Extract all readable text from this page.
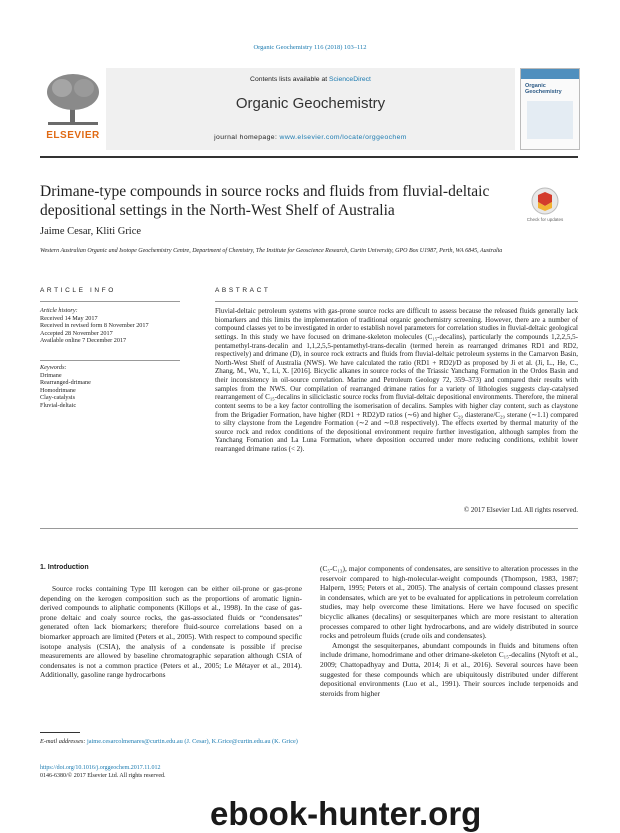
Organic Geochemistry 116 (2018) 103–112
ELSEVIER
Contents lists available at ScienceDirect
Organic Geochemistry
journal homepage: www.elsevier.com/locate/orggeochem
Organic Geochemistry
Drimane-type compounds in source rocks and fluids from fluvial-deltaic depositional settings in the North-West Shelf of Australia
Check for updates
Jaime Cesar, Kliti Grice
Western Australian Organic and Isotope Geochemistry Centre, Department of Chemistry, The Institute for Geoscience Research, Curtin University, GPO Box U1987, Perth, WA 6845, Australia
ARTICLE INFO	ABSTRACT
Article history:
Received 14 May 2017
Received in revised form 8 November 2017
Accepted 28 November 2017
Available online 7 December 2017
Keywords:
Drimane
Rearranged-drimane
Homodrimane
Clay-catalysis
Fluvial-deltaic
Fluvial-deltaic petroleum systems with gas-prone source rocks are difficult to assess because the released fluids generally lack biomarkers and this limits the implementation of traditional organic geochemistry screening. However, there are a number of compound classes yet to be investigated in order to establish novel parameters for correlation studies in fluvial-deltaic geological settings. In this study we have focused on drimane-skeleton molecules (C₁₅-decalins), particularly the compounds 1,2,2,5,5-pentamethyl-trans-decalin and 1,1,2,5,5-pentamethyl-trans-decalin (termed herein as rearranged drimanes RD1 and RD2, respectively) and drimane (D), in source rock extracts and fluids from fluvial-deltaic petroleum systems in the Carnarvon Basin, North-West Shelf of Australia (NWS). We have calculated the ratio (RD1 + RD2)/D as proposed by Ji et al. (Ji, L., He, C., Zhang, M., Wu, Y., Li, X. [2016]. Bicyclic alkanes in source rocks of the Triassic Yanchang Formation in the Ordos Basin and their inconsistency in oil-source correlation. Marine and Petroleum Geology 72, 359–373) and compared their results with samples from the NWS. Our compilation of rearranged drimane ratios for a variety of lithologies suggests clay-catalysed rearrangement of C₁₅-decalins in siliciclastic source rocks from fluvial-deltaic depositional environments. Therefore, the mineral content seems to be a key factor controlling the isomerisation of decalins. Samples with higher clay content, such as claystone from the Brigadier Formation, have higher (RD1 + RD2)/D ratios (∼6) and higher C₂₉ diasterane/C₂₉ sterane (∼1.1) compared to silty claystone from the Legendre Formation (∼2 and ∼0.8 respectively). The effects exerted by thermal maturity of the source rock and redox conditions of the depositional environment require further investigation, although samples from the Yanchang Fomation and La Luna Formation, where deposition occurred under more reducing conditions, exhibit lower rearranged drimane ratios (< 2).
© 2017 Elsevier Ltd. All rights reserved.
1. Introduction
Source rocks containing Type III kerogen can be either oil-prone or gas-prone depending on the kerogen composition such as the proportions of aromatic lignin-derived compounds to aliphatic components (Killops et al., 1998). In the case of gas-prone deltaic and coaly source rocks, the gas-associated fluids or “condensates” generated often lack biomarkers; therefore fluid-source correlations based on a biomarker approach are limited (Peters et al., 2005). With respect to compound specific isotope analysis (CSIA), the analysis of a condensate is possible if precise measurements are allowed by baseline chromatographic separation although CSIA of condensates is not a common practice (Peters et al., 2005; Le Métayer et al., 2014). Additionally, gasoline range hydrocarbons
(C₅-C₁₃), major components of condensates, are sensitive to alteration processes in the reservoir compared to high-molecular-weight compounds (Thompson, 1983, 1987; Halpern, 1995; Peters et al., 2005). The analysis of certain compound classes present in condensates, which are yet to be evaluated for applications in petroleum correlation studies, may help overcome these limitations. Here we have focused on specific bicyclic alkanes (decalins) or sesquiterpanes which are more resistant to alteration processes compared to other light hydrocarbons, and are widely distributed in source rocks and petroleum fluids (crude oils and condensates).
Amongst the sesquiterpanes, abundant compounds in fluids and bitumens often include drimane, homodrimane and other drimane-skeleton C₁₅-decalins (Nytoft et al., 2009; Chattopadhyay and Dutta, 2014; Ji et al., 2016). Several sources have been suggested for these compounds which are ubiquitously distributed under different depositional environments (Luo et al., 1991). Their sources include terpenoids and steroids from higher
E-mail addresses: jaime.cesarcolmenares@curtin.edu.au (J. Cesar), K.Grice@curtin.edu.au (K. Grice)
https://doi.org/10.1016/j.orggeochem.2017.11.012
0146-6380/© 2017 Elsevier Ltd. All rights reserved.
ebook-hunter.org
